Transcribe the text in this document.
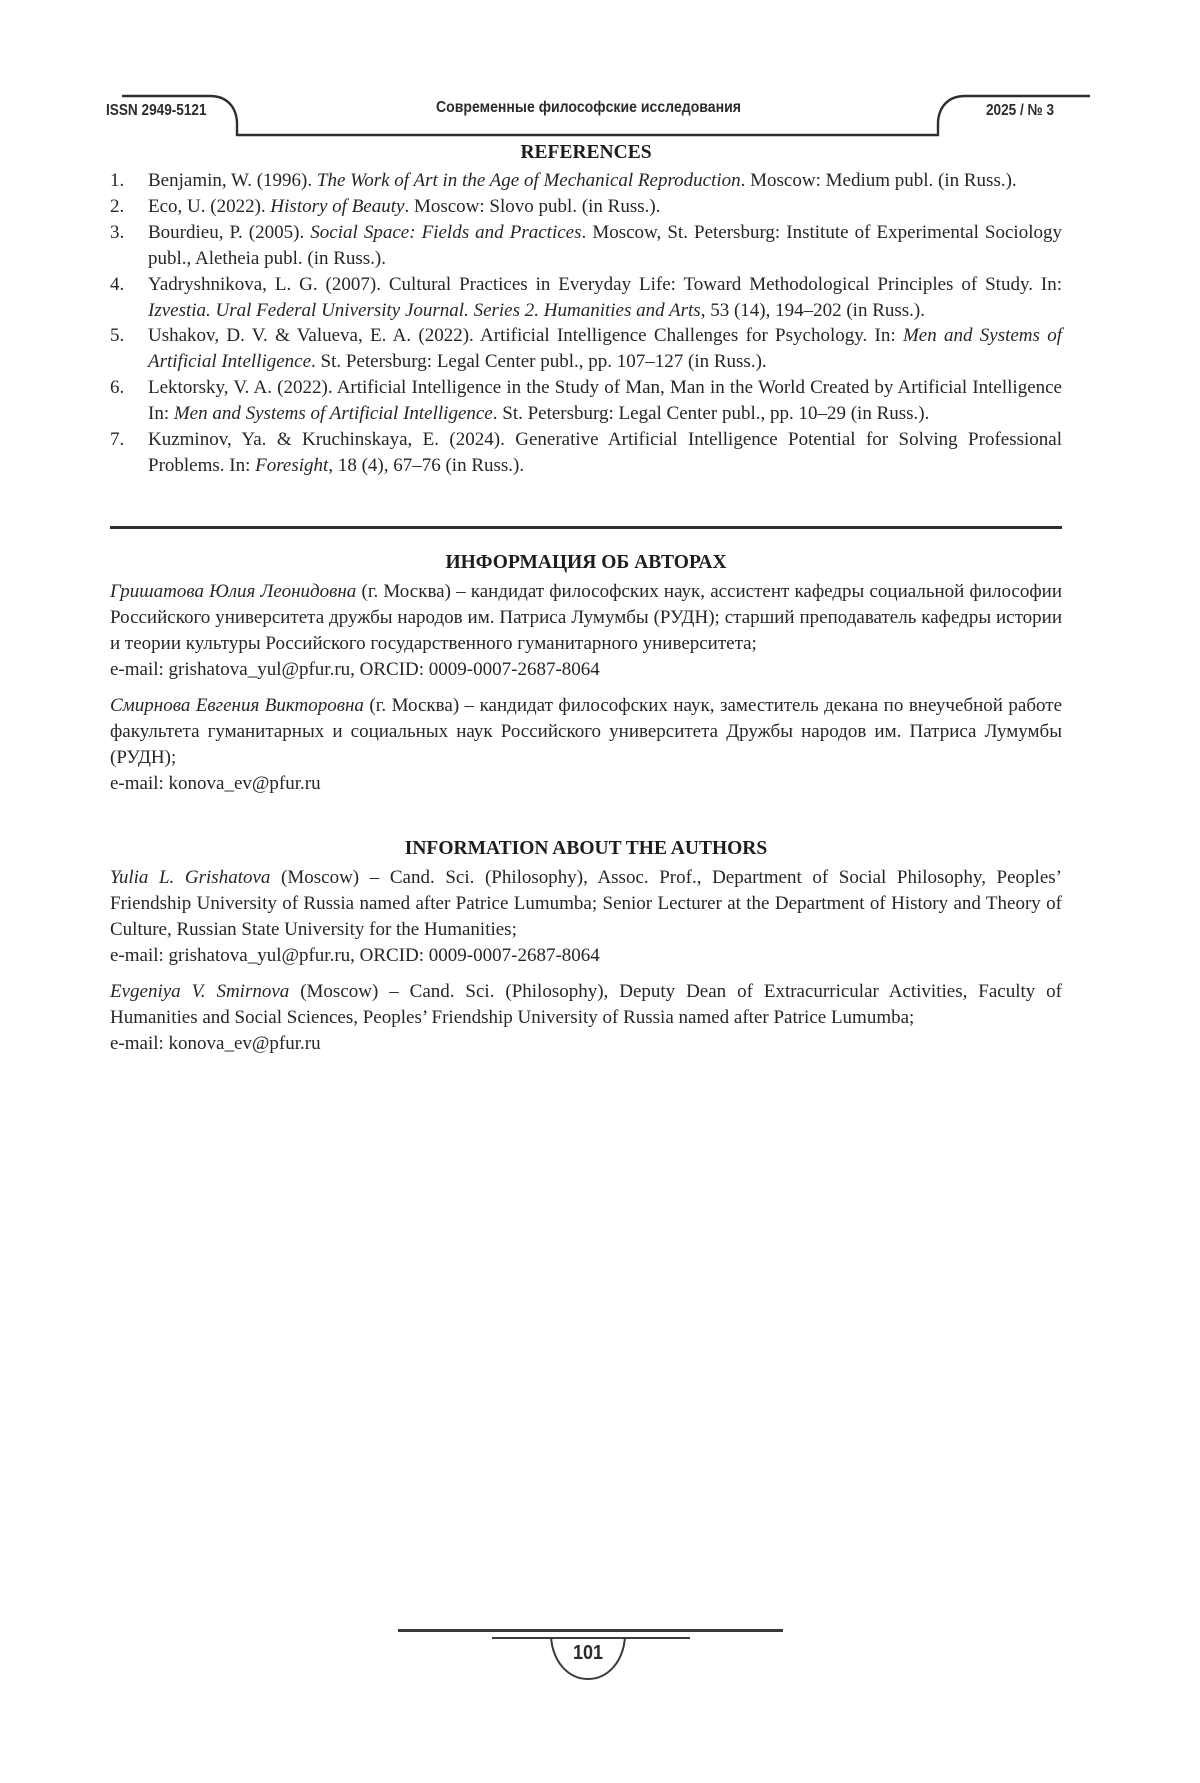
ISSN 2949-5121	Современные философские исследования	2025 / № 3
REFERENCES
1.	Benjamin, W. (1996). The Work of Art in the Age of Mechanical Reproduction. Moscow: Medium publ. (in Russ.).
2.	Eco, U. (2022). History of Beauty. Moscow: Slovo publ. (in Russ.).
3.	Bourdieu, P. (2005). Social Space: Fields and Practices. Moscow, St. Petersburg: Institute of Experimental Sociology publ., Aletheia publ. (in Russ.).
4.	Yadryshnikova, L. G. (2007). Cultural Practices in Everyday Life: Toward Methodological Principles of Study. In: Izvestia. Ural Federal University Journal. Series 2. Humanities and Arts, 53 (14), 194–202 (in Russ.).
5.	Ushakov, D. V. & Valueva, E. A. (2022). Artificial Intelligence Challenges for Psychology. In: Men and Systems of Artificial Intelligence. St. Petersburg: Legal Center publ., pp. 107–127 (in Russ.).
6.	Lektorsky, V. A. (2022). Artificial Intelligence in the Study of Man, Man in the World Created by Artificial Intelligence In: Men and Systems of Artificial Intelligence. St. Petersburg: Legal Center publ., pp. 10–29 (in Russ.).
7.	Kuzminov, Ya. & Kruchinskaya, E. (2024). Generative Artificial Intelligence Potential for Solving Professional Problems. In: Foresight, 18 (4), 67–76 (in Russ.).
ИНФОРМАЦИЯ ОБ АВТОРАХ

Гришатова Юлия Леонидовна (г. Москва) – кандидат философских наук, ассистент кафедры социальной философии Российского университета дружбы народов им. Патриса Лумумбы (РУДН); старший преподаватель кафедры истории и теории культуры Российского государственного гуманитарного университета;

e-mail: grishatova_yul@pfur.ru, ORCID: 0009-0007-2687-8064

Смирнова Евгения Викторовна (г. Москва) – кандидат философских наук, заместитель декана по внеучебной работе факультета гуманитарных и социальных наук Российского университета Дружбы народов им. Патриса Лумумбы (РУДН);

e-mail: konova_ev@pfur.ru
INFORMATION ABOUT THE AUTHORS

Yulia L. Grishatova (Moscow) – Cand. Sci. (Philosophy), Assoc. Prof., Department of Social Philosophy, Peoples’ Friendship University of Russia named after Patrice Lumumba; Senior Lecturer at the Department of History and Theory of Culture, Russian State University for the Humanities;

e-mail: grishatova_yul@pfur.ru, ORCID: 0009-0007-2687-8064

Evgeniya V. Smirnova (Moscow) – Cand. Sci. (Philosophy), Deputy Dean of Extracurricular Activities, Faculty of Humanities and Social Sciences, Peoples’ Friendship University of Russia named after Patrice Lumumba;

e-mail: konova_ev@pfur.ru
101
